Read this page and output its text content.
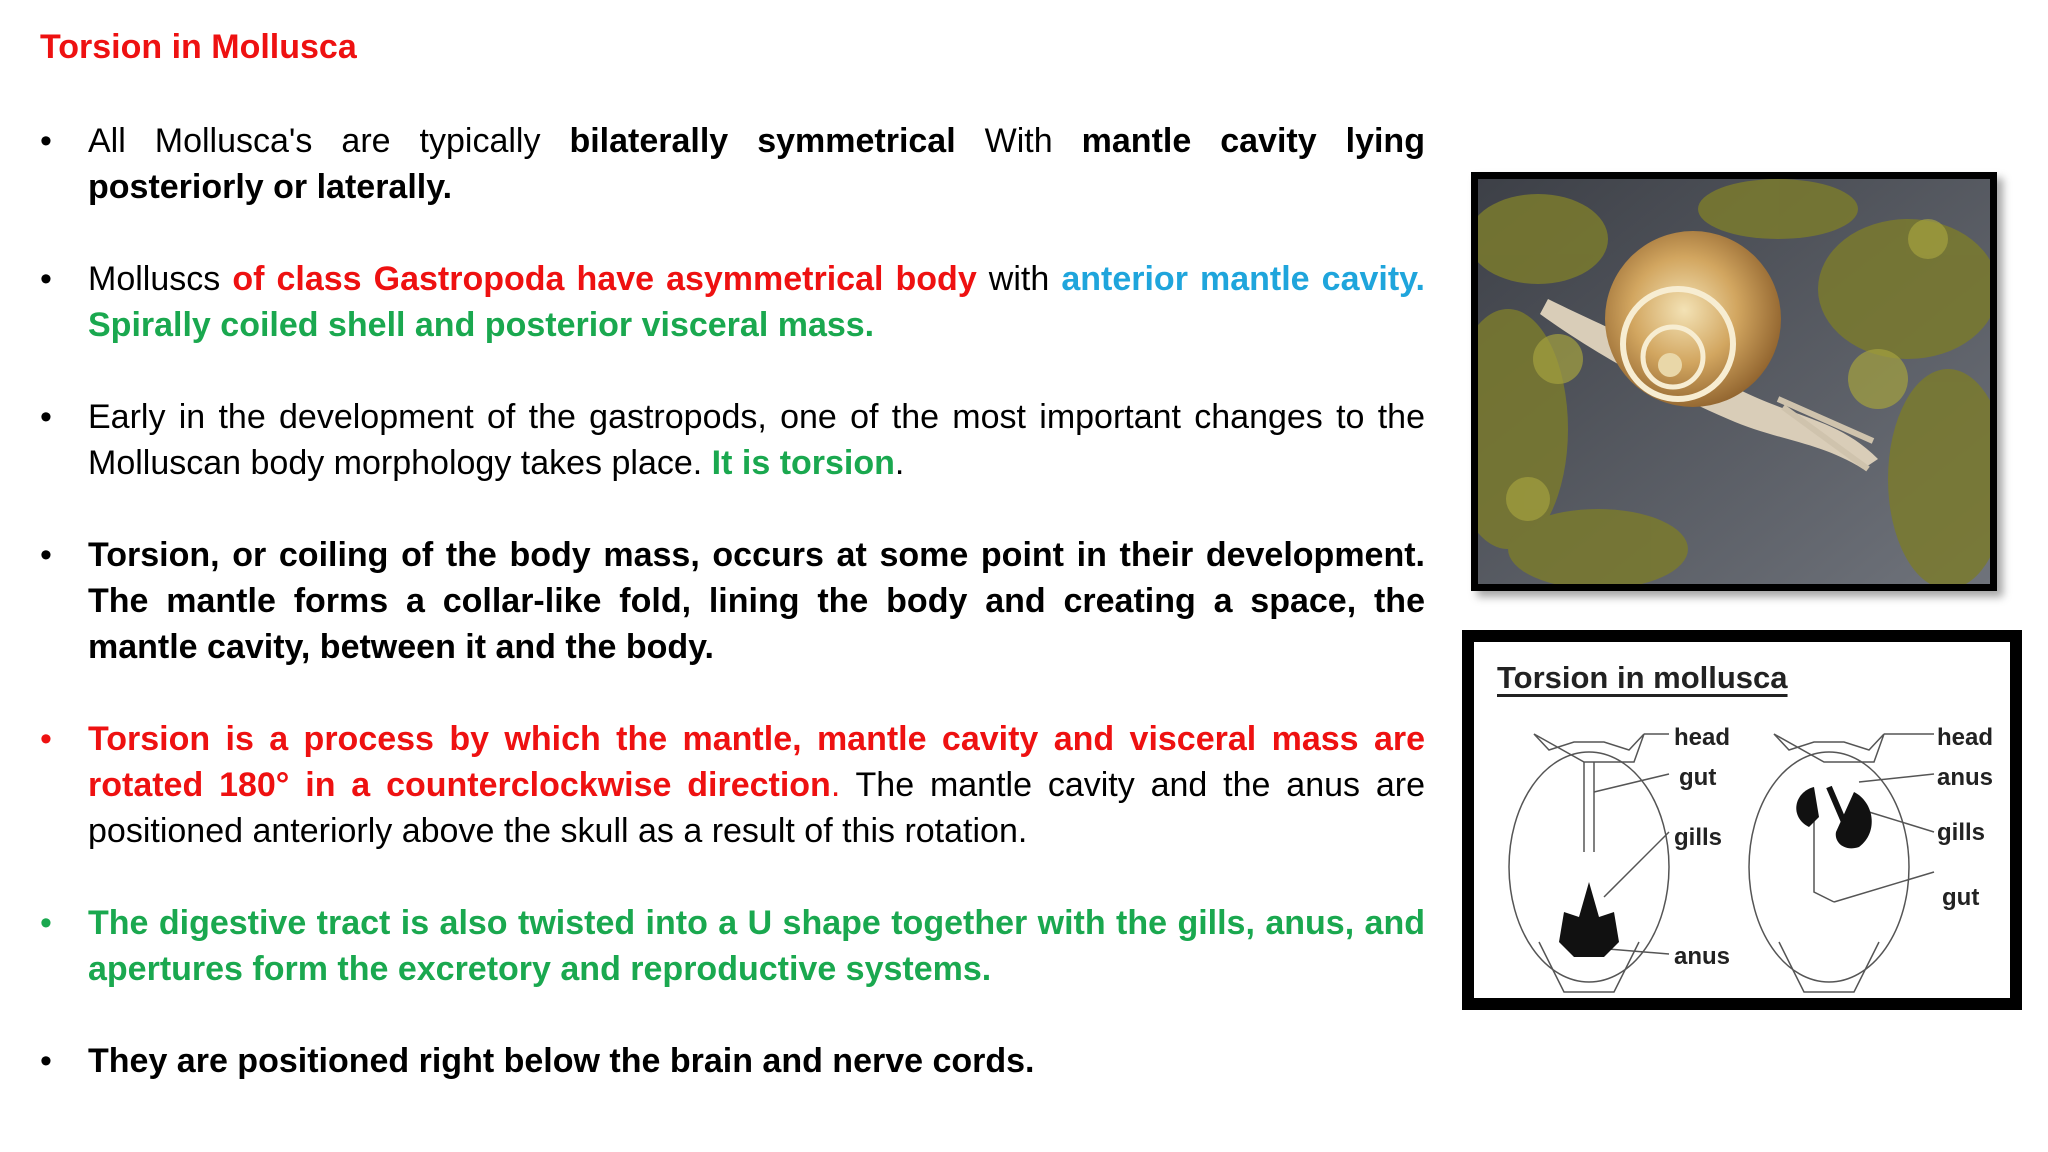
Torsion in Mollusca
• All Mollusca's are typically bilaterally symmetrical With mantle cavity lying posteriorly or laterally.
• Molluscs of class Gastropoda have asymmetrical body with anterior mantle cavity. Spirally coiled shell and posterior visceral mass.
• Early in the development of the gastropods, one of the most important changes to the Molluscan body morphology takes place. It is torsion.
• Torsion, or coiling of the body mass, occurs at some point in their development. The mantle forms a collar-like fold, lining the body and creating a space, the mantle cavity, between it and the body.
• Torsion is a process by which the mantle, mantle cavity and visceral mass are rotated 180° in a counterclockwise direction. The mantle cavity and the anus are positioned anteriorly above the skull as a result of this rotation.
• The digestive tract is also twisted into a U shape together with the gills, anus, and apertures form the excretory and reproductive systems.
• They are positioned right below the brain and nerve cords.
Torsion in mollusca
head
gut
gills
anus
head
anus
gills
gut
